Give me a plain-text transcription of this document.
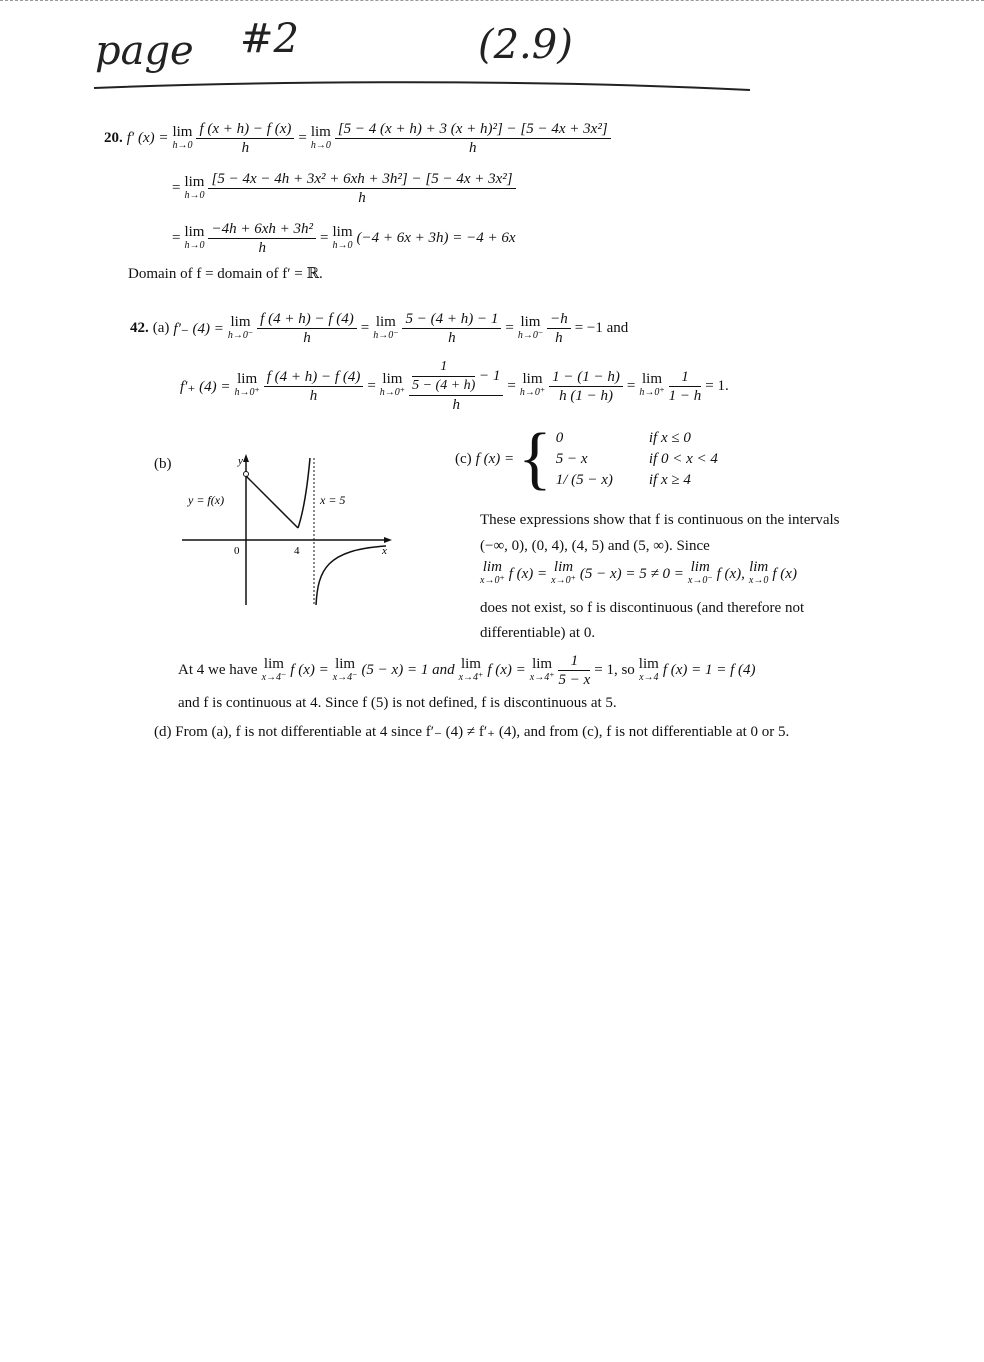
page #2	(2.9)
20. f′ (x) = lim
$h\to 0 \frac{f (x + h) - f (x)}{h} = \lim$
$h\to 0 \frac{\text{[5 − 4 (x + h) + 3 (x + h)²] − [5 − 4x + 3x²]}}{h}$
= lim
$h\to 0 \frac{\text{[5 − 4x − 4h + 3x² + 6xh + 3h²] − [5 − 4x + 3x²]}}{h}$
= lim
$h\to 0 \frac{\text{−4h + 6xh + 3h²}}{h} = \lim$
h→0 (−4 + 6x + 3h) = −4 + 6x
Domain of f = domain of f′ = ℝ.
42. (a) f′₋ (4) = lim
$h\to 0^- \frac{f (4 + h) - f (4)}{h} = \lim$
$h\to 0^- \frac{5 - (4 + h) - 1}{h} = \lim$
$h\to 0^- \frac{-h}{h} = -1$ and
f′₊ (4) = lim
$h\to 0^+ \frac{f (4 + h) - f (4)}{h} = \lim$
$h\to 0^+ \frac{\frac{1}{5 - (4 + h)} - 1}{h} = \lim$
$h\to 0^+ \frac{1 - (1 - h)}{h (1 - h)} = \lim$
$h\to 0^+ \frac{1}{1 - h} = 1$.
(b)	y
x
y = f(x)	x = 5
0	4
(c) f (x) = { 0	if x ≤ 0
5 − x	if 0 < x < 4
1/ (5 − x)	if x ≥ 4
These expressions show that f is continuous on the intervals
(−∞, 0), (0, 4), (4, 5) and (5, ∞). Since
lim
x→0⁺ f (x) = lim
x→0⁺ (5 − x) = 5 ≠ 0 = lim
x→0⁻ f (x), lim
x→0 f (x)
does not exist, so f is discontinuous (and therefore not
differentiable) at 0.
At 4 we have lim
x→4⁻ f (x) = lim
x→4⁻ (5 − x) = 1 and lim
x→4⁺ f (x) = lim
$x\to 4^+ \frac{1}{5 - x} = 1$, so lim
x→4 f (x) = 1 = f (4)
and f is continuous at 4. Since f (5) is not defined, f is discontinuous at 5.
(d) From (a), f is not differentiable at 4 since f′₋ (4) ≠ f′₊ (4), and from (c), f is not differentiable at 0 or 5.
